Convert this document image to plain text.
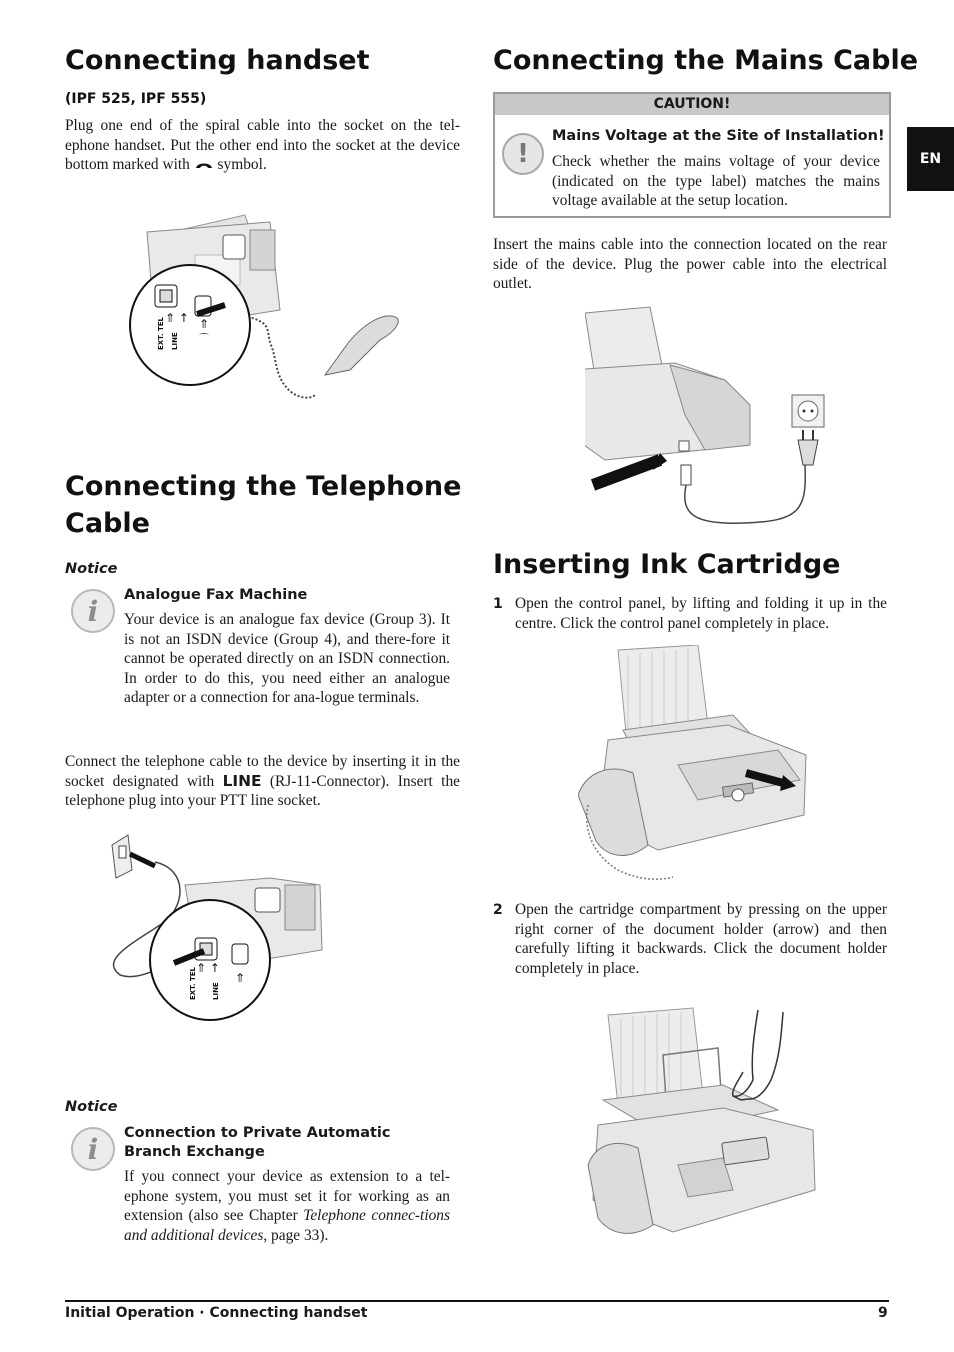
EN
Connecting handset
(IPF 525, IPF 555)

Plug one end of the spiral cable into the socket on the tel-ephone handset. Put the other end into the socket at the device bottom marked with symbol.

⇑ ↑ ⇑
EXT. TEL LINE ⌒
Connecting the Telephone
Cable
Notice
i	Analogue Fax Machine

Your device is an analogue fax device (Group 3). It is not an ISDN device (Group 4), and there-fore it cannot be operated directly on an ISDN connection. In order to do this, you need either an analogue adapter or a connection for ana-logue terminals.

Connect the telephone cable to the device by inserting it in the socket designated with LINE (RJ-11-Connector). Insert the telephone plug into your PTT line socket.

⇑ ↑
⇑
EXT. TEL LINE
Notice
i	Connection to Private Automatic
Branch Exchange

If you connect your device as extension to a tel-ephone system, you must set it for working as an extension (also see Chapter Telephone connec-tions and additional devices, page 33).

Connecting the Mains Cable
CAUTION!
!
Mains Voltage at the Site of Installation!

Check whether the mains voltage of your device (indicated on the type label) matches the mains voltage available at the setup location.

Insert the mains cable into the connection located on the rear side of the device. Plug the power cable into the electrical outlet.

Inserting Ink Cartridge
1 Open the control panel, by lifting and folding it up in the centre. Click the control panel completely in place.

2 Open the cartridge compartment by pressing on the upper right corner of the document holder (arrow) and then carefully lifting it backwards. Click the document holder completely in place.

Initial Operation · Connecting handset	9
